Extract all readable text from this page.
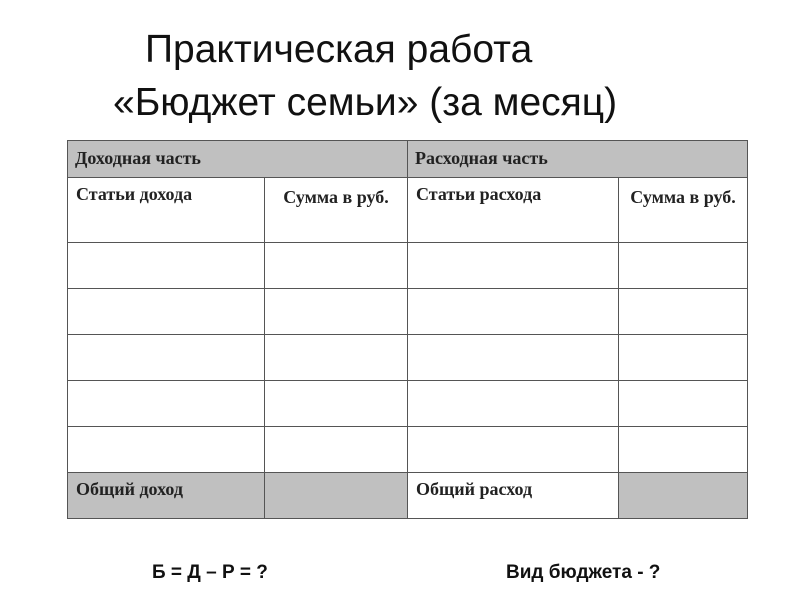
Практическая работа
«Бюджет семьи» (за месяц)
Доходная часть		Расходная часть	

Статьи дохода	Сумма в руб.	Статьи расхода	Сумма в руб.

Общий доход		Общий расход	

Б = Д – Р = ?	Вид бюджета - ?
